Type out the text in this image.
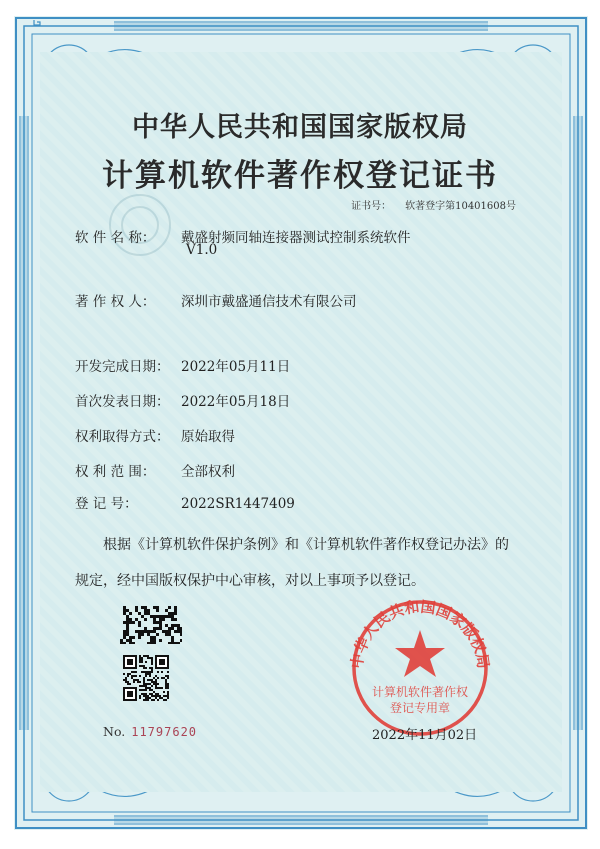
中华人民共和国国家版权局
计算机软件著作权登记证书
证书号： 软著登字第10401608号
软 件 名 称： 戴盛射频同轴连接器测试控制系统软件
V1.0
著 作 权 人： 深圳市戴盛通信技术有限公司
开发完成日期： 2022年05月11日
首次发表日期： 2022年05月18日
权利取得方式： 原始取得
权 利 范 围： 全部权利
登 记 号：	2022SR1447409
根据《计算机软件保护条例》和《计算机软件著作权登记办法》的
规定，经中国版权保护中心审核，对以上事项予以登记。
No. 11797620
中华人民共和国国家版权局
计算机软件著作权
登记专用章
2022年11月02日
